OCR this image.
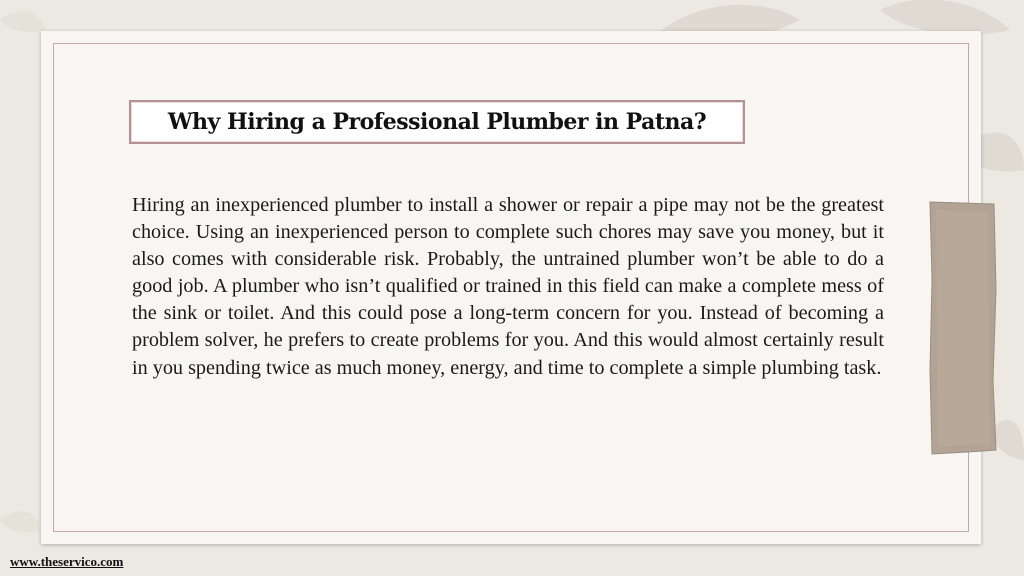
Why Hiring a Professional Plumber in Patna?

Hiring an inexperienced plumber to install a shower or repair a pipe may not be the greatest choice. Using an inexperienced person to complete such chores may save you money, but it also comes with considerable risk. Probably, the untrained plumber won’t be able to do a good job. A plumber who isn’t qualified or trained in this field can make a complete mess of the sink or toilet. And this could pose a long-term concern for you. Instead of becoming a problem solver, he prefers to create problems for you. And this would almost certainly result in you spending twice as much money, energy, and time to complete a simple plumbing task.

www.theservico.com
